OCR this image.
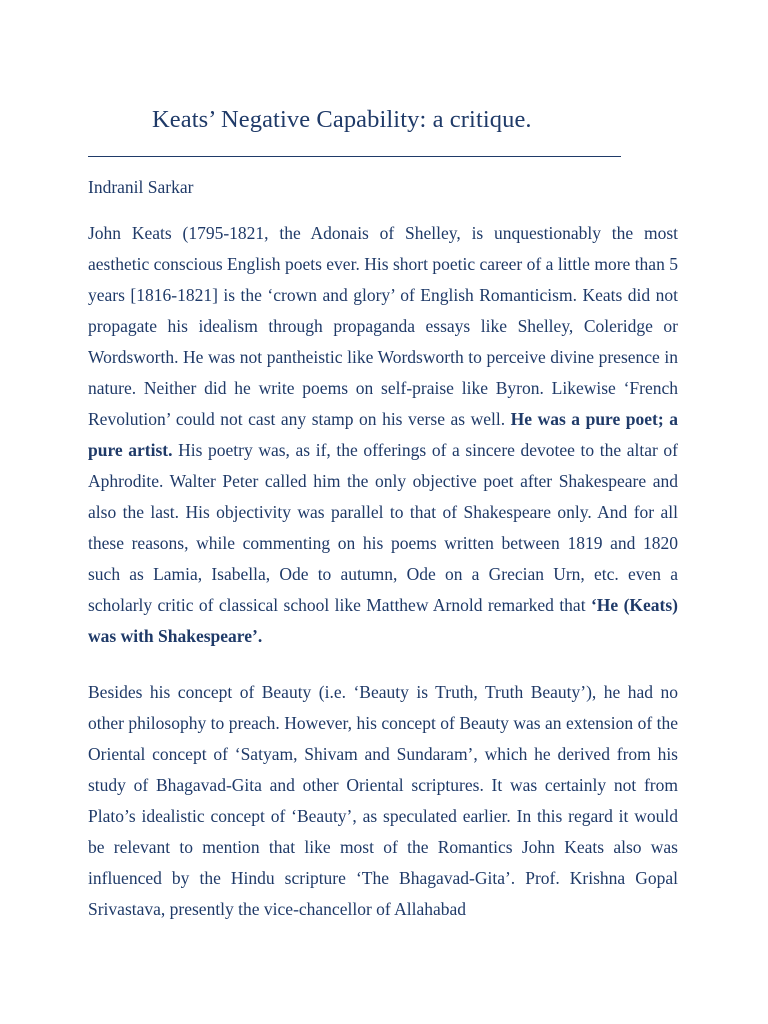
Keats’ Negative Capability: a critique.

Indranil Sarkar

John Keats (1795-1821, the Adonais of Shelley, is unquestionably the most aesthetic conscious English poets ever. His short poetic career of a little more than 5 years [1816-1821] is the ‘crown and glory’ of English Romanticism. Keats did not propagate his idealism through propaganda essays like Shelley, Coleridge or Wordsworth. He was not pantheistic like Wordsworth to perceive divine presence in nature. Neither did he write poems on self-praise like Byron. Likewise ‘French Revolution’ could not cast any stamp on his verse as well. He was a pure poet; a pure artist. His poetry was, as if, the offerings of a sincere devotee to the altar of Aphrodite. Walter Peter called him the only objective poet after Shakespeare and also the last. His objectivity was parallel to that of Shakespeare only. And for all these reasons, while commenting on his poems written between 1819 and 1820 such as Lamia, Isabella, Ode to autumn, Ode on a Grecian Urn, etc. even a scholarly critic of classical school like Matthew Arnold remarked that ‘He (Keats) was with Shakespeare’.

Besides his concept of Beauty (i.e. ‘Beauty is Truth, Truth Beauty’), he had no other philosophy to preach. However, his concept of Beauty was an extension of the Oriental concept of ‘Satyam, Shivam and Sundaram’, which he derived from his study of Bhagavad-Gita and other Oriental scriptures. It was certainly not from Plato’s idealistic concept of ‘Beauty’, as speculated earlier. In this regard it would be relevant to mention that like most of the Romantics John Keats also was influenced by the Hindu scripture ‘The Bhagavad-Gita’. Prof. Krishna Gopal Srivastava, presently the vice-chancellor of Allahabad
